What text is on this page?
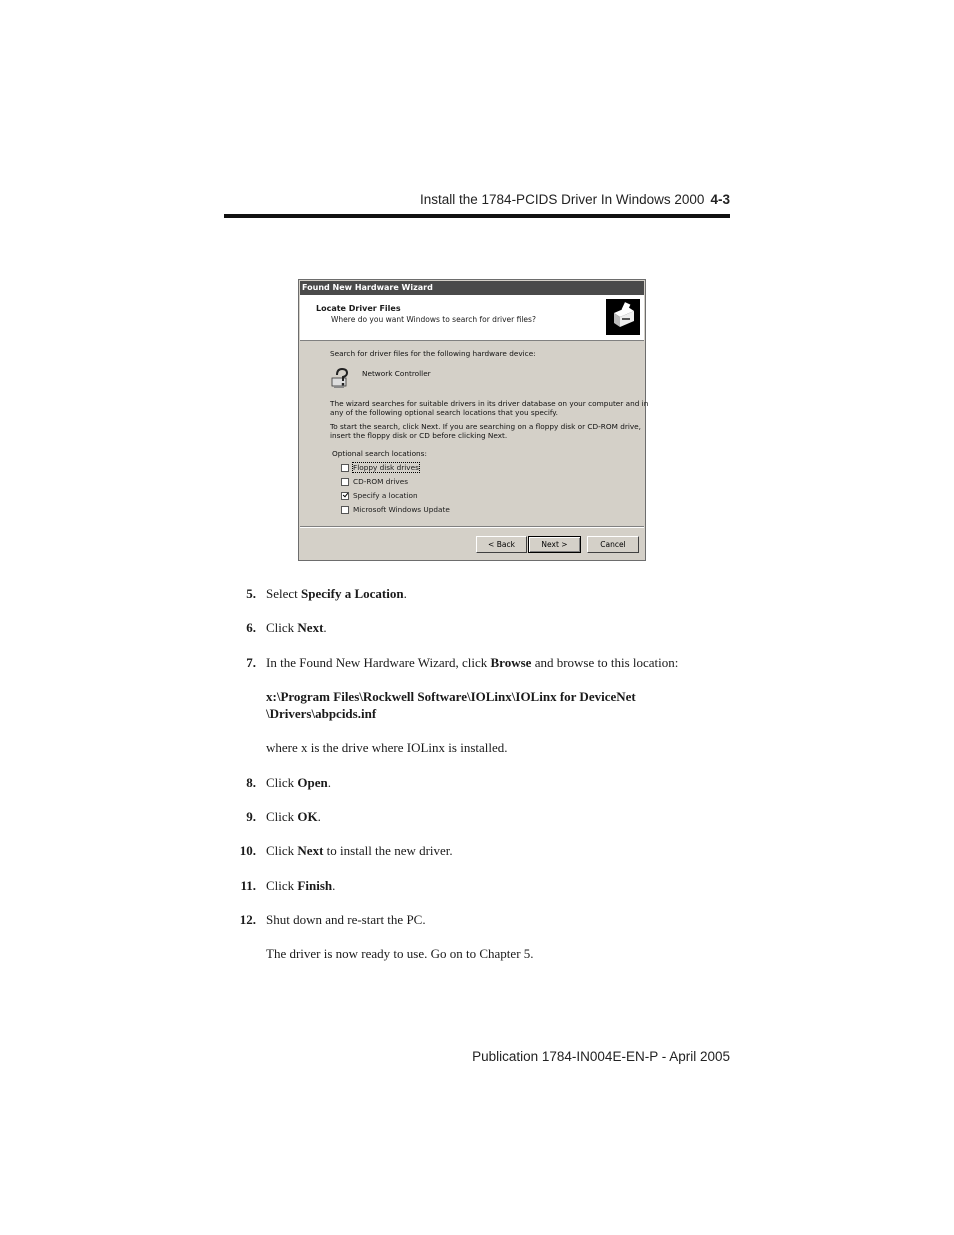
Install the 1784-PCIDS Driver In Windows 2000 4-3
Found New Hardware Wizard
Locate Driver Files
Where do you want Windows to search for driver files?
Search for driver files for the following hardware device:
Network Controller
The wizard searches for suitable drivers in its driver database on your computer and in
any of the following optional search locations that you specify.
To start the search, click Next. If you are searching on a floppy disk or CD-ROM drive,
insert the floppy disk or CD before clicking Next.
Optional search locations:
Floppy disk drives
CD-ROM drives
Specify a location
Microsoft Windows Update
< Back	Next >	Cancel
5. Select Specify a Location.
6. Click Next.
7. In the Found New Hardware Wizard, click Browse and browse to this location:
x:\Program Files\Rockwell Software\IOLinx\IOLinx for DeviceNet
\Drivers\abpcids.inf
where x is the drive where IOLinx is installed.
8. Click Open.
9. Click OK.
10. Click Next to install the new driver.
11. Click Finish.
12. Shut down and re-start the PC.
The driver is now ready to use. Go on to Chapter 5.
Publication 1784-IN004E-EN-P - April 2005
